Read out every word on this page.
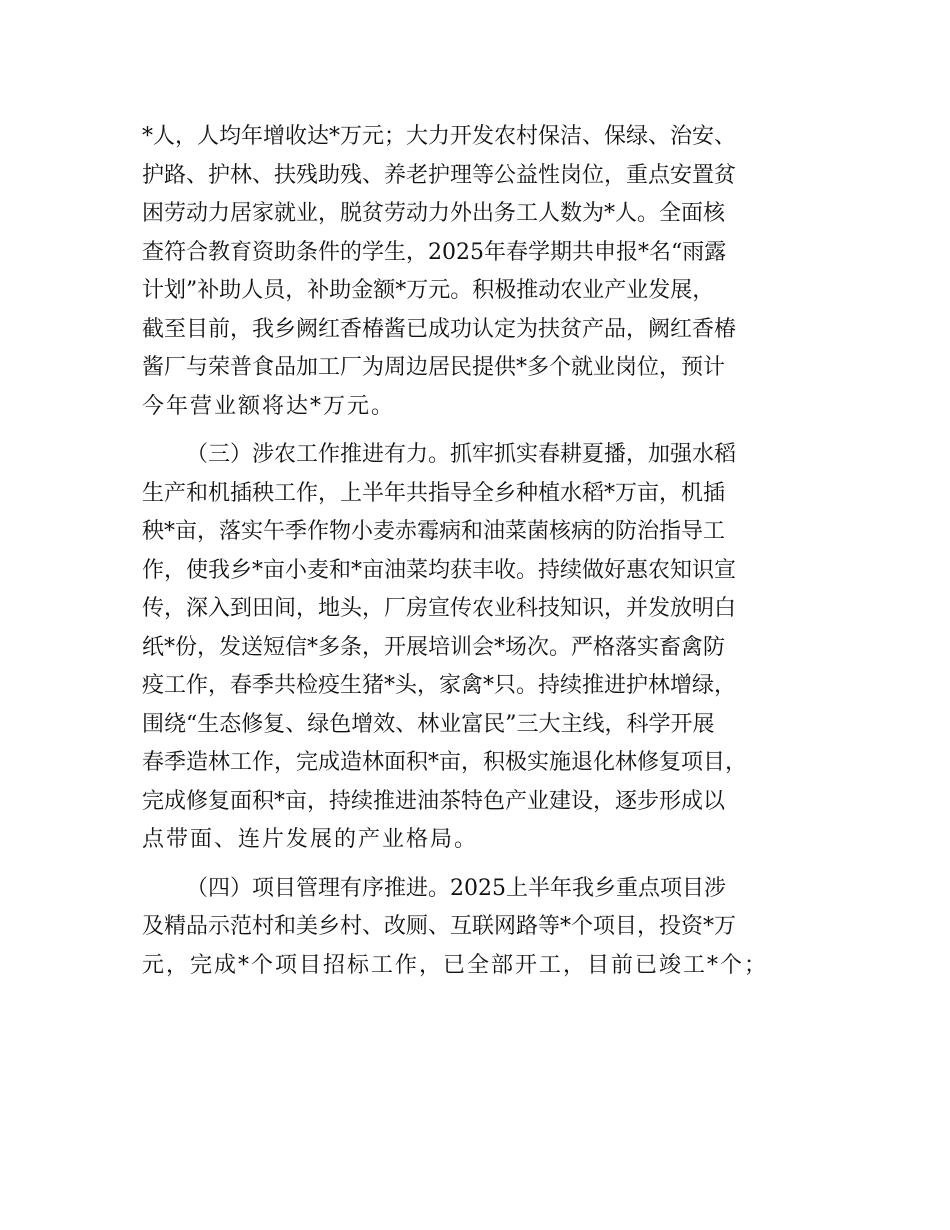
*人，人均年增收达*万元；大力开发农村保洁、保绿、治安、
护路、护林、扶残助残、养老护理等公益性岗位，重点安置贫
困劳动力居家就业，脱贫劳动力外出务工人数为*人。全面核
查符合教育资助条件的学生，2025年春学期共申报*名“雨露
计划”补助人员，补助金额*万元。积极推动农业产业发展，
截至目前，我乡阙红香椿酱已成功认定为扶贫产品，阙红香椿
酱厂与荣普食品加工厂为周边居民提供*多个就业岗位，预计
今年营业额将达*万元。

（三）涉农工作推进有力。抓牢抓实春耕夏播，加强水稻
生产和机插秧工作，上半年共指导全乡种植水稻*万亩，机插
秧*亩，落实午季作物小麦赤霉病和油菜菌核病的防治指导工
作，使我乡*亩小麦和*亩油菜均获丰收。持续做好惠农知识宣
传，深入到田间，地头，厂房宣传农业科技知识，并发放明白
纸*份，发送短信*多条，开展培训会*场次。严格落实畜禽防
疫工作，春季共检疫生猪*头，家禽*只。持续推进护林增绿，
围绕“生态修复、绿色增效、林业富民”三大主线，科学开展
春季造林工作，完成造林面积*亩，积极实施退化林修复项目，
完成修复面积*亩，持续推进油茶特色产业建设，逐步形成以
点带面、连片发展的产业格局。

（四）项目管理有序推进。2025上半年我乡重点项目涉
及精品示范村和美乡村、改厕、互联网路等*个项目，投资*万
元，完成*个项目招标工作，已全部开工，目前已竣工*个；
